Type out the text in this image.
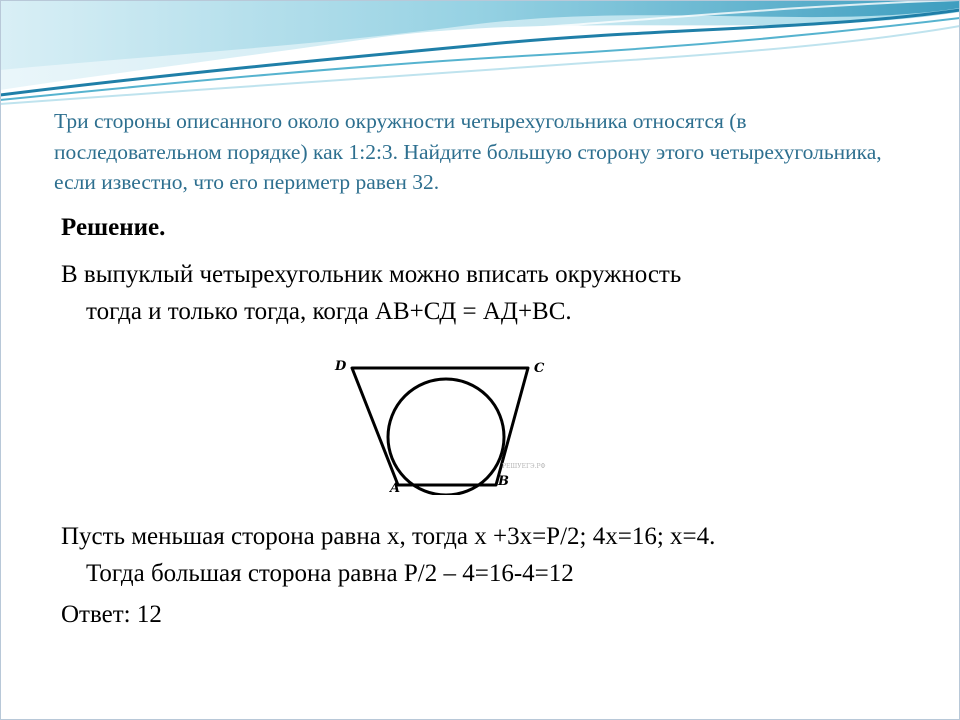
Три стороны описанного около окружности четырехугольника относятся (в последовательном порядке) как 1:2:3. Найдите большую сторону этого четырехугольника, если известно, что его периметр равен 32.

Решение.

В выпуклый четырехугольник можно вписать окружность
тогда и только тогда, когда АВ+СД = АД+ВС.

D	C
A	B
РЕШУЕГЭ.РФ

Пусть меньшая сторона равна x, тогда x +3x=P/2; 4x=16; x=4.
Тогда большая сторона равна P/2 – 4=16-4=12

Ответ: 12
